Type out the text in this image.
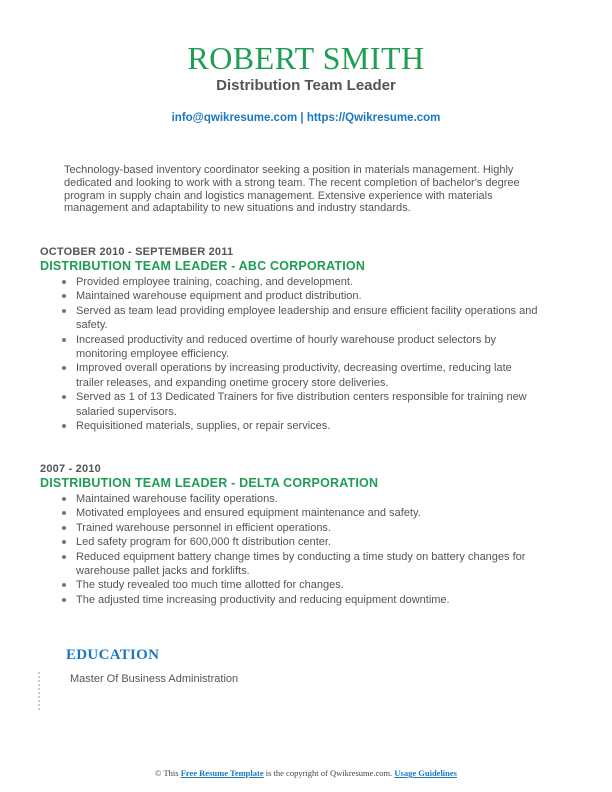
ROBERT SMITH
Distribution Team Leader
info@qwikresume.com | https://Qwikresume.com
Technology-based inventory coordinator seeking a position in materials management. Highly dedicated and looking to work with a strong team. The recent completion of bachelor's degree program in supply chain and logistics management. Extensive experience with materials management and adaptability to new situations and industry standards.
OCTOBER 2010 - SEPTEMBER 2011
DISTRIBUTION TEAM LEADER - ABC CORPORATION
Provided employee training, coaching, and development.
Maintained warehouse equipment and product distribution.
Served as team lead providing employee leadership and ensure efficient facility operations and safety.
Increased productivity and reduced overtime of hourly warehouse product selectors by monitoring employee efficiency.
Improved overall operations by increasing productivity, decreasing overtime, reducing late trailer releases, and expanding onetime grocery store deliveries.
Served as 1 of 13 Dedicated Trainers for five distribution centers responsible for training new salaried supervisors.
Requisitioned materials, supplies, or repair services.
2007 - 2010
DISTRIBUTION TEAM LEADER - DELTA CORPORATION
Maintained warehouse facility operations.
Motivated employees and ensured equipment maintenance and safety.
Trained warehouse personnel in efficient operations.
Led safety program for 600,000 ft distribution center.
Reduced equipment battery change times by conducting a time study on battery changes for warehouse pallet jacks and forklifts.
The study revealed too much time allotted for changes.
The adjusted time increasing productivity and reducing equipment downtime.
EDUCATION
Master Of Business Administration
© This Free Resume Template is the copyright of Qwikresume.com. Usage Guidelines
